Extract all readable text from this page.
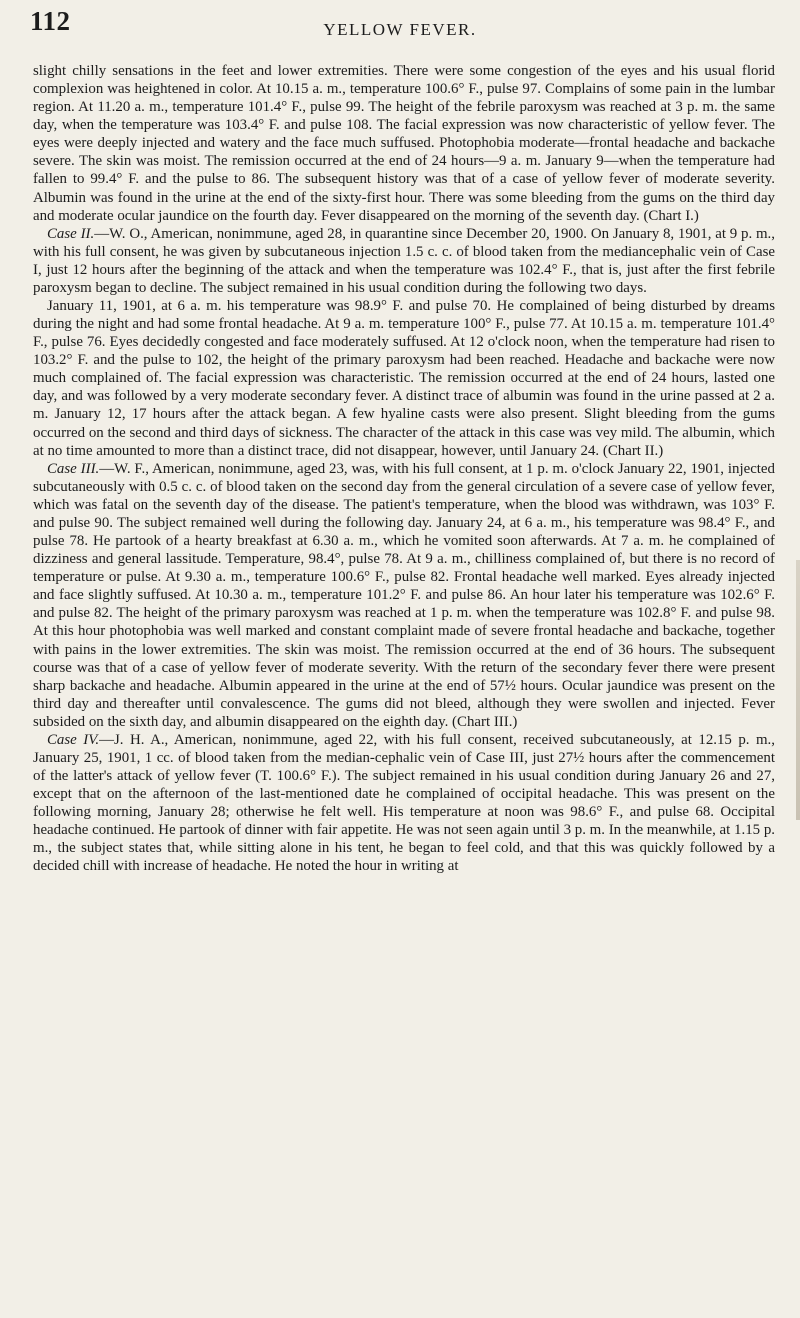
112	YELLOW FEVER.

slight chilly sensations in the feet and lower extremities. There were some congestion of the eyes and his usual florid complexion was heightened in color. At 10.15 a. m., temperature 100.6° F., pulse 97. Complains of some pain in the lumbar region. At 11.20 a. m., temperature 101.4° F., pulse 99. The height of the febrile paroxysm was reached at 3 p. m. the same day, when the temperature was 103.4° F. and pulse 108. The facial expression was now characteristic of yellow fever. The eyes were deeply injected and watery and the face much suffused. Photophobia moderate—frontal headache and backache severe. The skin was moist. The remission occurred at the end of 24 hours—9 a. m. January 9—when the temperature had fallen to 99.4° F. and the pulse to 86. The subsequent history was that of a case of yellow fever of moderate severity. Albumin was found in the urine at the end of the sixty-first hour. There was some bleeding from the gums on the third day and moderate ocular jaundice on the fourth day. Fever disappeared on the morning of the seventh day. (Chart I.)

Case II.—W. O., American, nonimmune, aged 28, in quarantine since December 20, 1900. On January 8, 1901, at 9 p. m., with his full consent, he was given by subcutaneous injection 1.5 c. c. of blood taken from the mediancephalic vein of Case I, just 12 hours after the beginning of the attack and when the temperature was 102.4° F., that is, just after the first febrile paroxysm began to decline. The subject remained in his usual condition during the following two days.

January 11, 1901, at 6 a. m. his temperature was 98.9° F. and pulse 70. He complained of being disturbed by dreams during the night and had some frontal headache. At 9 a. m. temperature 100° F., pulse 77. At 10.15 a. m. temperature 101.4° F., pulse 76. Eyes decidedly congested and face moderately suffused. At 12 o'clock noon, when the temperature had risen to 103.2° F. and the pulse to 102, the height of the primary paroxysm had been reached. Headache and backache were now much complained of. The facial expression was characteristic. The remission occurred at the end of 24 hours, lasted one day, and was followed by a very moderate secondary fever. A distinct trace of albumin was found in the urine passed at 2 a. m. January 12, 17 hours after the attack began. A few hyaline casts were also present. Slight bleeding from the gums occurred on the second and third days of sickness. The character of the attack in this case was vey mild. The albumin, which at no time amounted to more than a distinct trace, did not disappear, however, until January 24. (Chart II.)

Case III.—W. F., American, nonimmune, aged 23, was, with his full consent, at 1 p. m. o'clock January 22, 1901, injected subcutaneously with 0.5 c. c. of blood taken on the second day from the general circulation of a severe case of yellow fever, which was fatal on the seventh day of the disease. The patient's temperature, when the blood was withdrawn, was 103° F. and pulse 90. The subject remained well during the following day. January 24, at 6 a. m., his temperature was 98.4° F., and pulse 78. He partook of a hearty breakfast at 6.30 a. m., which he vomited soon afterwards. At 7 a. m. he complained of dizziness and general lassitude. Temperature, 98.4°, pulse 78. At 9 a. m., chilliness complained of, but there is no record of temperature or pulse. At 9.30 a. m., temperature 100.6° F., pulse 82. Frontal headache well marked. Eyes already injected and face slightly suffused. At 10.30 a. m., temperature 101.2° F. and pulse 86. An hour later his temperature was 102.6° F. and pulse 82. The height of the primary paroxysm was reached at 1 p. m. when the temperature was 102.8° F. and pulse 98. At this hour photophobia was well marked and constant complaint made of severe frontal headache and backache, together with pains in the lower extremities. The skin was moist. The remission occurred at the end of 36 hours. The subsequent course was that of a case of yellow fever of moderate severity. With the return of the secondary fever there were present sharp backache and headache. Albumin appeared in the urine at the end of 57½ hours. Ocular jaundice was present on the third day and thereafter until convalescence. The gums did not bleed, although they were swollen and injected. Fever subsided on the sixth day, and albumin disappeared on the eighth day. (Chart III.)

Case IV.—J. H. A., American, nonimmune, aged 22, with his full consent, received subcutaneously, at 12.15 p. m., January 25, 1901, 1 cc. of blood taken from the median-cephalic vein of Case III, just 27½ hours after the commencement of the latter's attack of yellow fever (T. 100.6° F.). The subject remained in his usual condition during January 26 and 27, except that on the afternoon of the last-mentioned date he complained of occipital headache. This was present on the following morning, January 28; otherwise he felt well. His temperature at noon was 98.6° F., and pulse 68. Occipital headache continued. He partook of dinner with fair appetite. He was not seen again until 3 p. m. In the meanwhile, at 1.15 p. m., the subject states that, while sitting alone in his tent, he began to feel cold, and that this was quickly followed by a decided chill with increase of headache. He noted the hour in writing at
